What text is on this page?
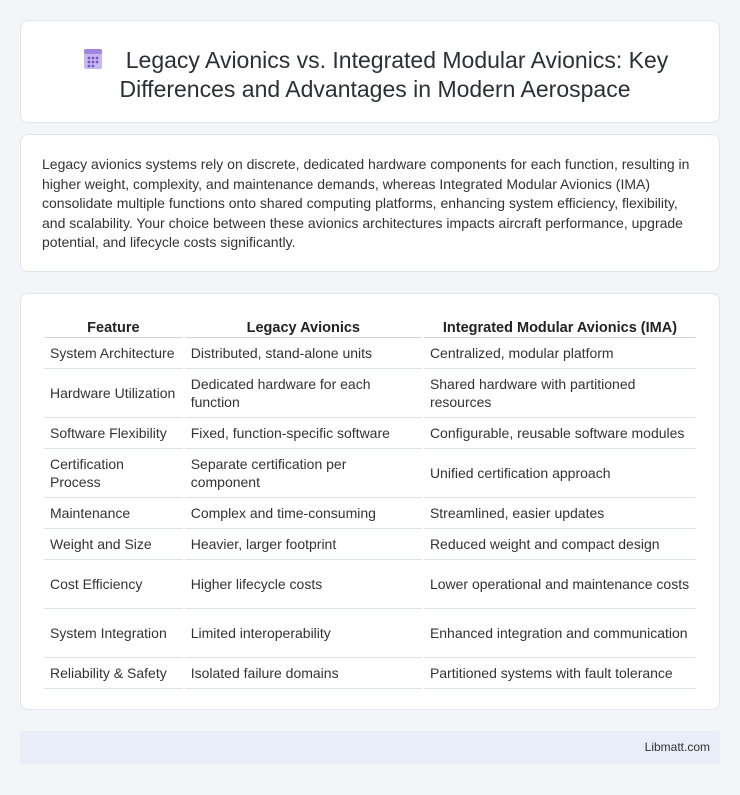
Legacy Avionics vs. Integrated Modular Avionics: Key Differences and Advantages in Modern Aerospace

Legacy avionics systems rely on discrete, dedicated hardware components for each function, resulting in higher weight, complexity, and maintenance demands, whereas Integrated Modular Avionics (IMA) consolidate multiple functions onto shared computing platforms, enhancing system efficiency, flexibility, and scalability. Your choice between these avionics architectures impacts aircraft performance, upgrade potential, and lifecycle costs significantly.

Feature	Legacy Avionics	Integrated Modular Avionics (IMA)
System Architecture	Distributed, stand-alone units	Centralized, modular platform
Hardware Utilization	Dedicated hardware for each function	Shared hardware with partitioned resources
Software Flexibility	Fixed, function-specific software	Configurable, reusable software modules
Certification Process	Separate certification per component	Unified certification approach
Maintenance	Complex and time-consuming	Streamlined, easier updates
Weight and Size	Heavier, larger footprint	Reduced weight and compact design
Cost Efficiency	Higher lifecycle costs	Lower operational and maintenance costs
System Integration	Limited interoperability	Enhanced integration and communication
Reliability & Safety	Isolated failure domains	Partitioned systems with fault tolerance
Libmatt.com
